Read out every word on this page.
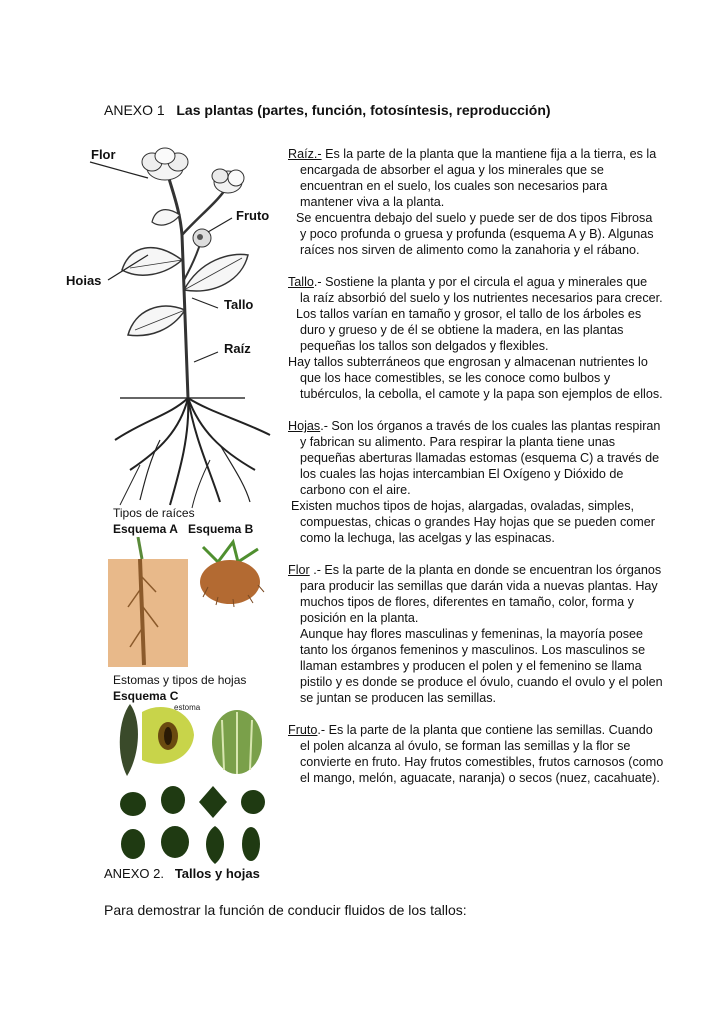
ANEXO 1 Las plantas (partes, función, fotosíntesis, reproducción)
Flor
Fruto
Hoias
Tallo
Raíz
Tipos de raíces
Esquema A Esquema B
Estomas y tipos de hojas
Esquema C
estoma

Raíz.- Es la parte de la planta que la mantiene fija a la tierra, es la
encargada de absorber el agua y los minerales que se
encuentran en el suelo, los cuales son necesarios para
mantener viva a la planta.
Se encuentra debajo del suelo y puede ser de dos tipos Fibrosa
y poco profunda o gruesa y profunda (esquema A y B). Algunas
raíces nos sirven de alimento como la zanahoria y el rábano.

Tallo.- Sostiene la planta y por el circula el agua y minerales que
la raíz absorbió del suelo y los nutrientes necesarios para crecer.
Los tallos varían en tamaño y grosor, el tallo de los árboles es
duro y grueso y de él se obtiene la madera, en las plantas
pequeñas los tallos son delgados y flexibles.
Hay tallos subterráneos que engrosan y almacenan nutrientes lo
que los hace comestibles, se les conoce como bulbos y
tubérculos, la cebolla, el camote y la papa son ejemplos de ellos.

Hojas.- Son los órganos a través de los cuales las plantas respiran
y fabrican su alimento. Para respirar la planta tiene unas
pequeñas aberturas llamadas estomas (esquema C) a través de
los cuales las hojas intercambian El Oxígeno y Dióxido de
carbono con el aire.
Existen muchos tipos de hojas, alargadas, ovaladas, simples,
compuestas, chicas o grandes Hay hojas que se pueden comer
como la lechuga, las acelgas y las espinacas.

Flor .- Es la parte de la planta en donde se encuentran los órganos
para producir las semillas que darán vida a nuevas plantas. Hay
muchos tipos de flores, diferentes en tamaño, color, forma y
posición en la planta.
Aunque hay flores masculinas y femeninas, la mayoría posee
tanto los órganos femeninos y masculinos. Los masculinos se
llaman estambres y producen el polen y el femenino se llama
pistilo y es donde se produce el óvulo, cuando el ovulo y el polen
se juntan se producen las semillas.

Fruto.- Es la parte de la planta que contiene las semillas. Cuando
el polen alcanza al óvulo, se forman las semillas y la flor se
convierte en fruto. Hay frutos comestibles, frutos carnosos (como
el mango, melón, aguacate, naranja) o secos (nuez, cacahuate).

ANEXO 2. Tallos y hojas
Para demostrar la función de conducir fluidos de los tallos:
